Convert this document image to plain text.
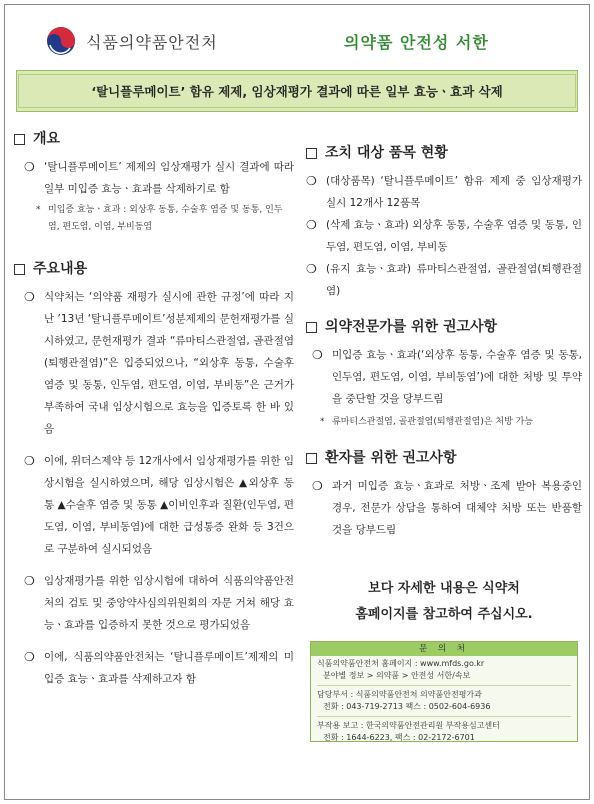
식품의약품안전처	의약품 안전성 서한
‘탈니플루메이트’ 함유 제제, 임상재평가 결과에 따른 일부 효능ㆍ효과 삭제
개요
❍ ‘탈니플루메이트’ 제제의 임상재평가 실시 결과에 따라 일부 미입증 효능ㆍ효과를 삭제하기로 함
* 미입증 효능ㆍ효과 : 외상후 동통, 수술후 염증 및 동통, 인두염, 편도염, 이염, 부비동염
주요내용
❍ 식약처는 ‘의약품 재평가 실시에 관한 규정’에 따라 지난 ’13년 ‘탈니플루메이트’성분제제의 문헌재평가를 실시하였고, 문헌재평가 결과 “류마티스관절염, 골관절염(퇴행관절염)”은 입증되었으나, “외상후 동통, 수술후 염증 및 동통, 인두염, 편도염, 이염, 부비동”은 근거가 부족하여 국내 임상시험으로 효능을 입증토록 한 바 있음
❍ 이에, 위더스제약 등 12개사에서 임상재평가를 위한 임상시험을 실시하였으며, 해당 임상시험은 ▲외상후 동통 ▲수술후 염증 및 동통 ▲이비인후과 질환(인두염, 편도염, 이염, 부비동염)에 대한 급성통증 완화 등 3건으로 구분하여 실시되었음
❍ 임상재평가를 위한 임상시험에 대하여 식품의약품안전처의 검토 및 중앙약사심의위원회의 자문 거쳐 해당 효능ㆍ효과를 입증하지 못한 것으로 평가되었음
❍ 이에, 식품의약품안전처는 ‘탈니플루메이트’제제의 미입증 효능ㆍ효과를 삭제하고자 함
조치 대상 품목 현황
❍ (대상품목) ‘탈니플루메이트’ 함유 제제 중 임상재평가 실시 12개사 12품목
❍ (삭제 효능ㆍ효과) 외상후 동통, 수술후 염증 및 동통, 인두염, 편도염, 이염, 부비동
❍ (유지 효능ㆍ효과) 류마티스관절염, 골관절염(퇴행관절염)
의약전문가를 위한 권고사항
❍ 미입증 효능ㆍ효과(‘외상후 동통, 수술후 염증 및 동통, 인두염, 편도염, 이염, 부비동염’)에 대한 처방 및 투약을 중단할 것을 당부드림
* 류마티스관절염, 골관절염(퇴행관절염)은 처방 가능
환자를 위한 권고사항
❍ 과거 미입증 효능ㆍ효과로 처방ㆍ조제 받아 복용중인 경우, 전문가 상담을 통하여 대체약 처방 또는 반품할 것을 당부드림
보다 자세한 내용은 식약처
홈페이지를 참고하여 주십시오.
문 의 처
식품의약품안전처 홈페이지 : www.mfds.go.kr
분야별 정보 > 의약품 > 안전성 서한/속보
담당부서 : 식품의약품안전처 의약품안전평가과
전화 : 043-719-2713 팩스 : 0502-604-6936
부작용 보고 : 한국의약품안전관리원 부작용심고센터
전화 : 1644-6223, 팩스 : 02-2172-6701
